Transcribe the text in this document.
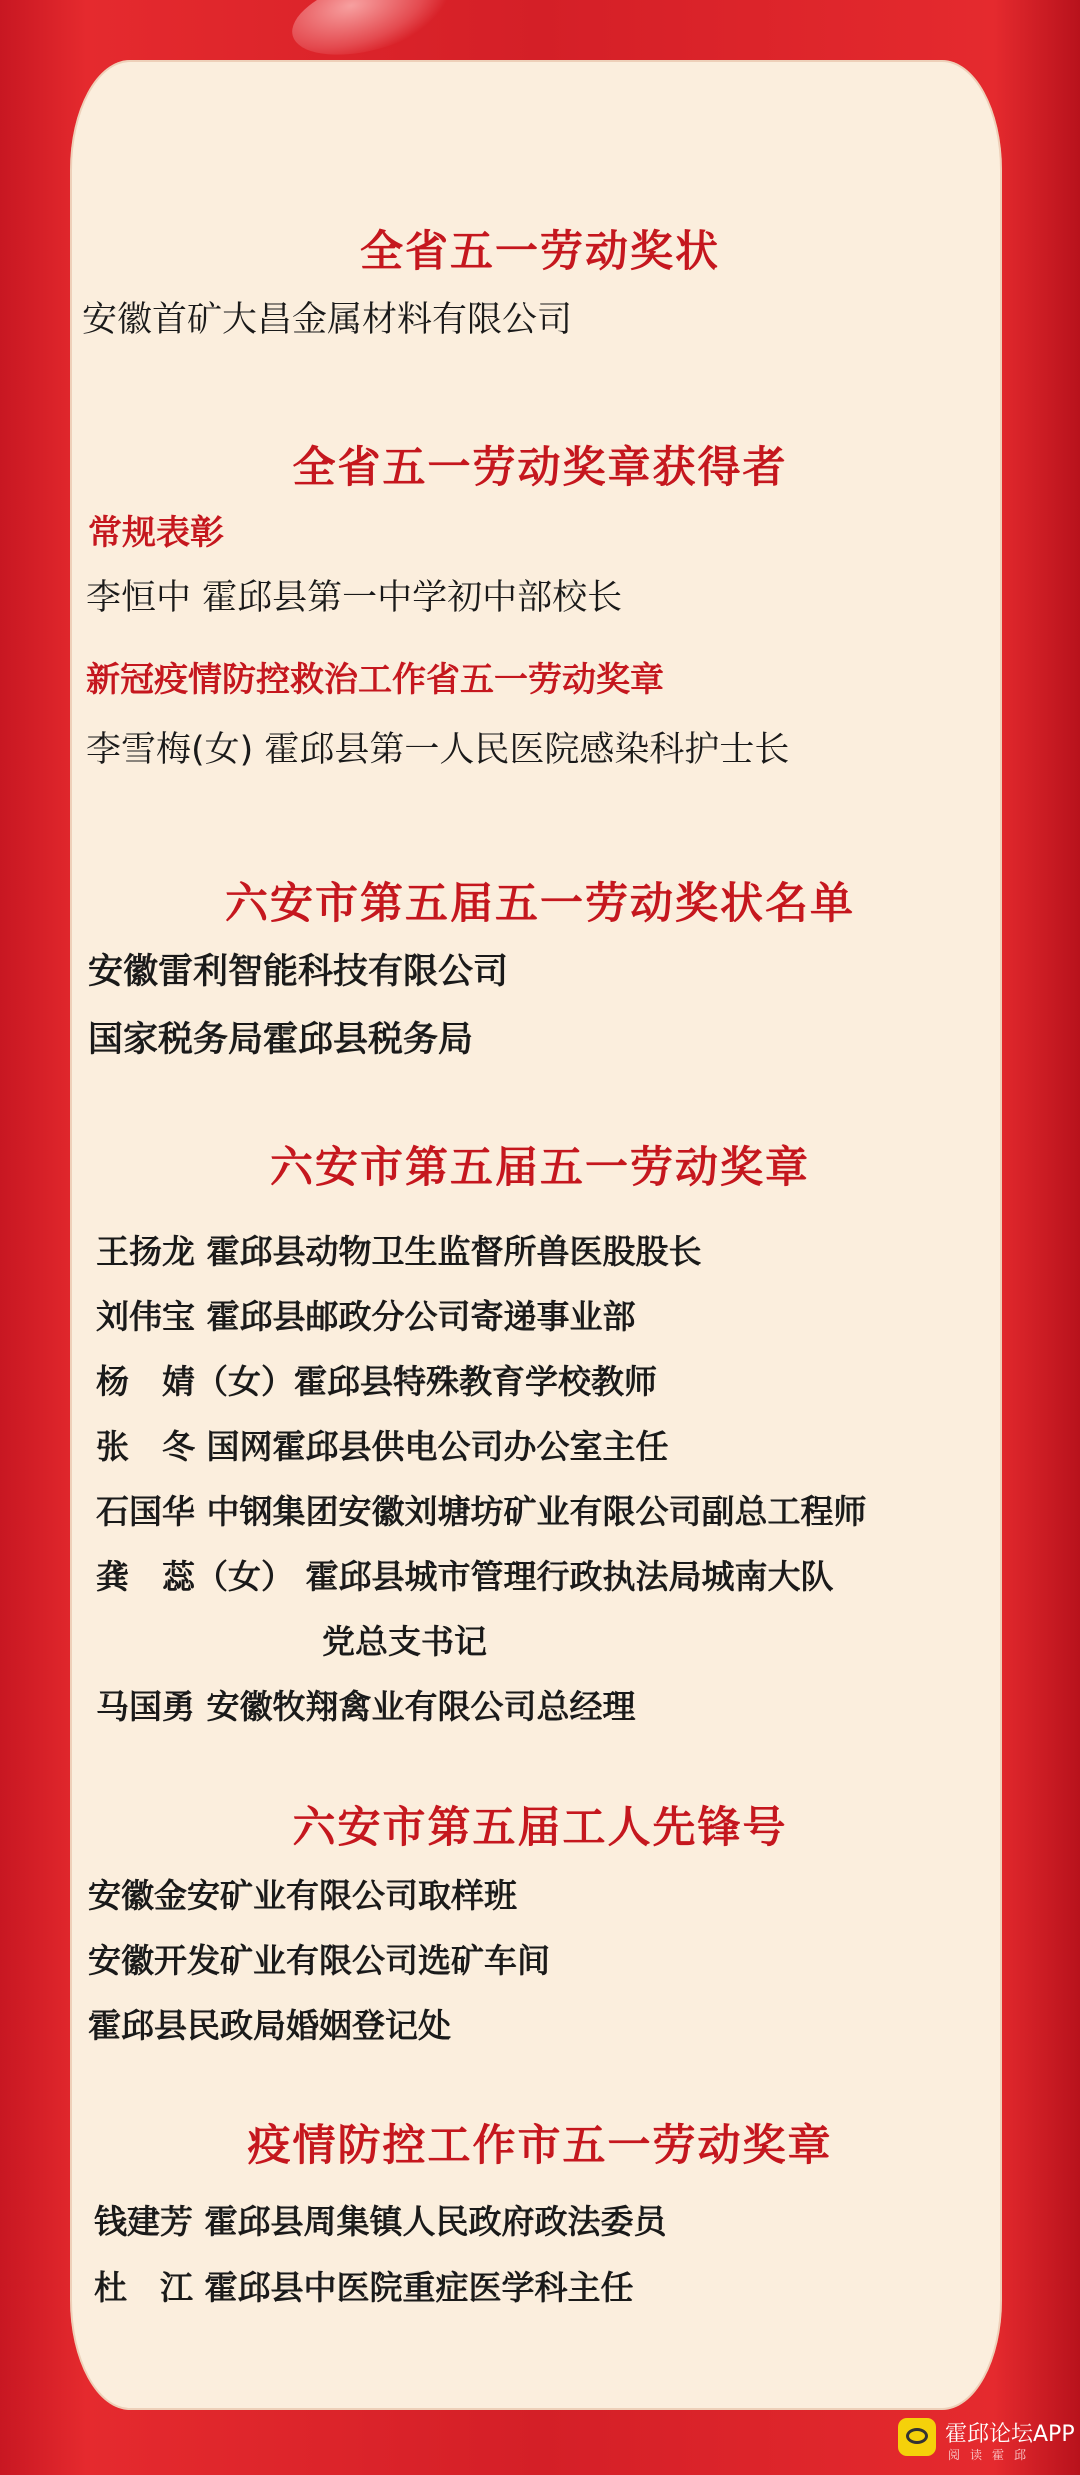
全省五一劳动奖状
安徽首矿大昌金属材料有限公司
全省五一劳动奖章获得者
常规表彰
李恒中 霍邱县第一中学初中部校长
新冠疫情防控救治工作省五一劳动奖章
李雪梅(女) 霍邱县第一人民医院感染科护士长
六安市第五届五一劳动奖状名单
安徽雷利智能科技有限公司
国家税务局霍邱县税务局
六安市第五届五一劳动奖章
王扬龙 霍邱县动物卫生监督所兽医股股长
刘伟宝 霍邱县邮政分公司寄递事业部
杨　婧（女）霍邱县特殊教育学校教师
张　冬 国网霍邱县供电公司办公室主任
石国华 中钢集团安徽刘塘坊矿业有限公司副总工程师
龚　蕊（女） 霍邱县城市管理行政执法局城南大队
党总支书记
马国勇 安徽牧翔禽业有限公司总经理
六安市第五届工人先锋号
安徽金安矿业有限公司取样班
安徽开发矿业有限公司选矿车间
霍邱县民政局婚姻登记处
疫情防控工作市五一劳动奖章
钱建芳 霍邱县周集镇人民政府政法委员
杜　江 霍邱县中医院重症医学科主任
霍邱论坛APP
阅读霍邱
